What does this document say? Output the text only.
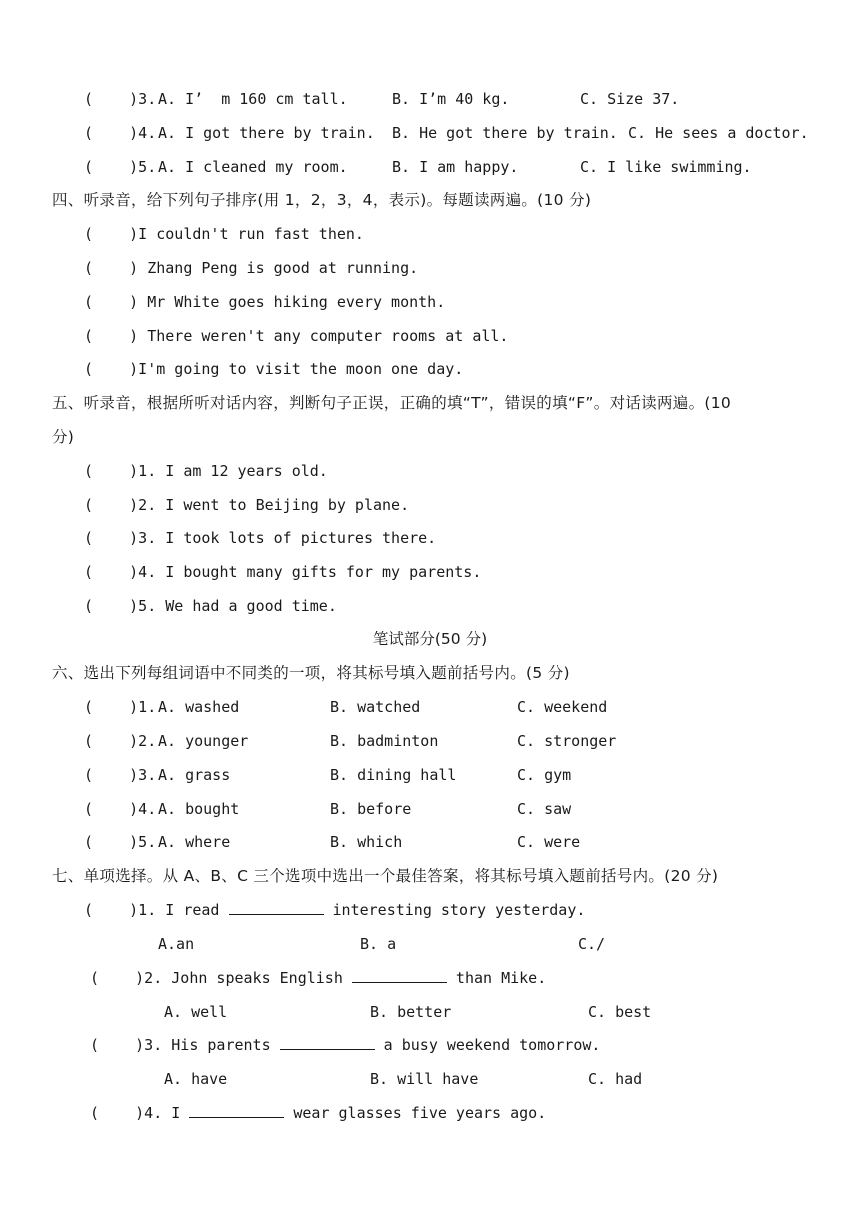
(    )3.
A. I’  m 160 cm tall.	B. I’m 40 kg.	C. Size 37.
(    )4.
A. I got there by train. B. He got there by train. C. He sees a doctor.
(    )5.
A. I cleaned my room.	B. I am happy.	C. I like swimming.
四、听录音，给下列句子排序(用 1，2，3，4，表示)。每题读两遍。(10 分)
(    )I couldn't run fast then.
(    ) Zhang Peng is good at running.
(    ) Mr White goes hiking every month.
(    ) There weren't any computer rooms at all.
(    )I'm going to visit the moon one day.
五、听录音，根据所听对话内容，判断句子正误，正确的填“T”，错误的填“F”。对话读两遍。(10
分)
(    )1. I am 12 years old.
(    )2. I went to Beijing by plane.
(    )3. I took lots of pictures there.
(    )4. I bought many gifts for my parents.
(    )5. We had a good time.
笔试部分(50 分)
六、选出下列每组词语中不同类的一项，将其标号填入题前括号内。(5 分)
(    )1.
A. washed	B. watched	C. weekend
(    )2.
A. younger	B. badminton	C. stronger
(    )3.
A. grass	B. dining hall	C. gym
(    )4.
A. bought	B. before	C. saw
(    )5.
A. where	B. which	C. were
七、单项选择。从 A、B、C 三个选项中选出一个最佳答案，将其标号填入题前括号内。(20 分)
(    )1. I read	interesting story yesterday.
A.an	B. a	C./
(    )2. John speaks English	than Mike.
A. well	B. better	C. best
(    )3. His parents	a busy weekend tomorrow.
A. have	B. will have	C. had
(    )4. I	wear glasses five years ago.
